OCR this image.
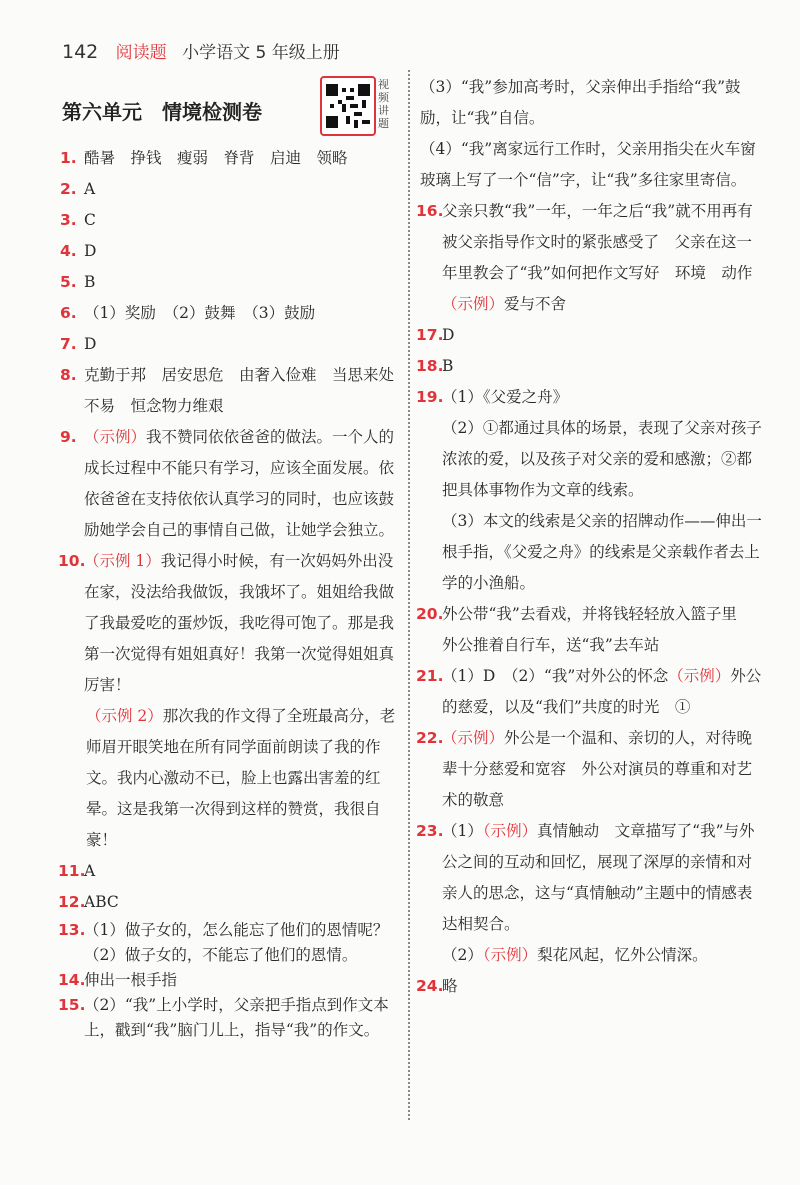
142 阅读题 小学语文 5 年级上册
第六单元　情境检测卷
视频讲题
1. 酷暑　挣钱　瘦弱　脊背　启迪　领略
2. A
3. C
4. D
5. B
6. （1）奖励　（2）鼓舞　（3）鼓励
7. D
8. 克勤于邦　居安思危　由奢入俭难　当思来处不易　恒念物力维艰
9. （示例）我不赞同依依爸爸的做法。一个人的成长过程中不能只有学习，应该全面发展。依依爸爸在支持依依认真学习的同时，也应该鼓励她学会自己的事情自己做，让她学会独立。
10.
（示例 1）我记得小时候，有一次妈妈外出没在家，没法给我做饭，我饿坏了。姐姐给我做了我最爱吃的蛋炒饭，我吃得可饱了。那是我第一次觉得有姐姐真好！我第一次觉得姐姐真厉害！
（示例 2）那次我的作文得了全班最高分，老师眉开眼笑地在所有同学面前朗读了我的作文。我内心激动不已，脸上也露出害羞的红晕。这是我第一次得到这样的赞赏，我很自豪！
11.
A
12.
ABC
13.
（1）做子女的，怎么能忘了他们的恩情呢？
（2）做子女的，不能忘了他们的恩情。
14.
伸出一根手指
15.
（2）“我”上小学时，父亲把手指点到作文本上，戳到“我”脑门儿上，指导“我”的作文。
（3）“我”参加高考时，父亲伸出手指给“我”鼓励，让“我”自信。
（4）“我”离家远行工作时，父亲用指尖在火车窗玻璃上写了一个“信”字，让“我”多往家里寄信。
16.
父亲只教“我”一年，一年之后“我”就不用再有被父亲指导作文时的紧张感受了　父亲在这一年里教会了“我”如何把作文写好　环境　动作（示例）爱与不舍
17.
D
18.
B
19.
（1）《父爱之舟》
（2）①都通过具体的场景，表现了父亲对孩子浓浓的爱，以及孩子对父亲的爱和感激；②都把具体事物作为文章的线索。
（3）本文的线索是父亲的招牌动作——伸出一根手指，《父爱之舟》的线索是父亲载作者去上学的小渔船。
20.
外公带“我”去看戏，并将钱轻轻放入篮子里　外公推着自行车，送“我”去车站
21.
（1）D　（2）“我”对外公的怀念（示例）外公的慈爱，以及“我们”共度的时光　①
22.
（示例）外公是一个温和、亲切的人，对待晚辈十分慈爱和宽容　外公对演员的尊重和对艺术的敬意
23.
（1）（示例）真情触动　文章描写了“我”与外公之间的互动和回忆，展现了深厚的亲情和对亲人的思念，这与“真情触动”主题中的情感表达相契合。
（2）（示例）梨花风起，忆外公情深。
24.
略
